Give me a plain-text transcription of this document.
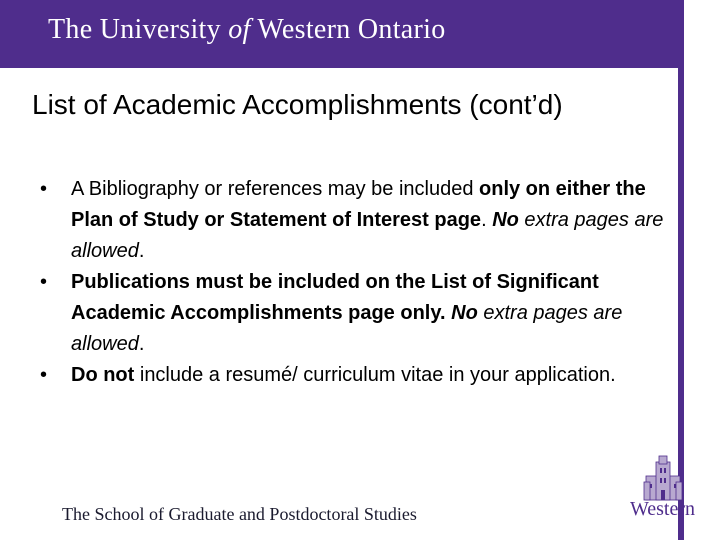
The University of Western Ontario
List of Academic Accomplishments (cont’d)
• A Bibliography or references may be included only on either the Plan of Study or Statement of Interest page. No extra pages are allowed.
• Publications must be included on the List of Significant Academic Accomplishments page only. No extra pages are allowed.
• Do not include a resumé/ curriculum vitae in your application.
The School of Graduate and Postdoctoral Studies	Western
